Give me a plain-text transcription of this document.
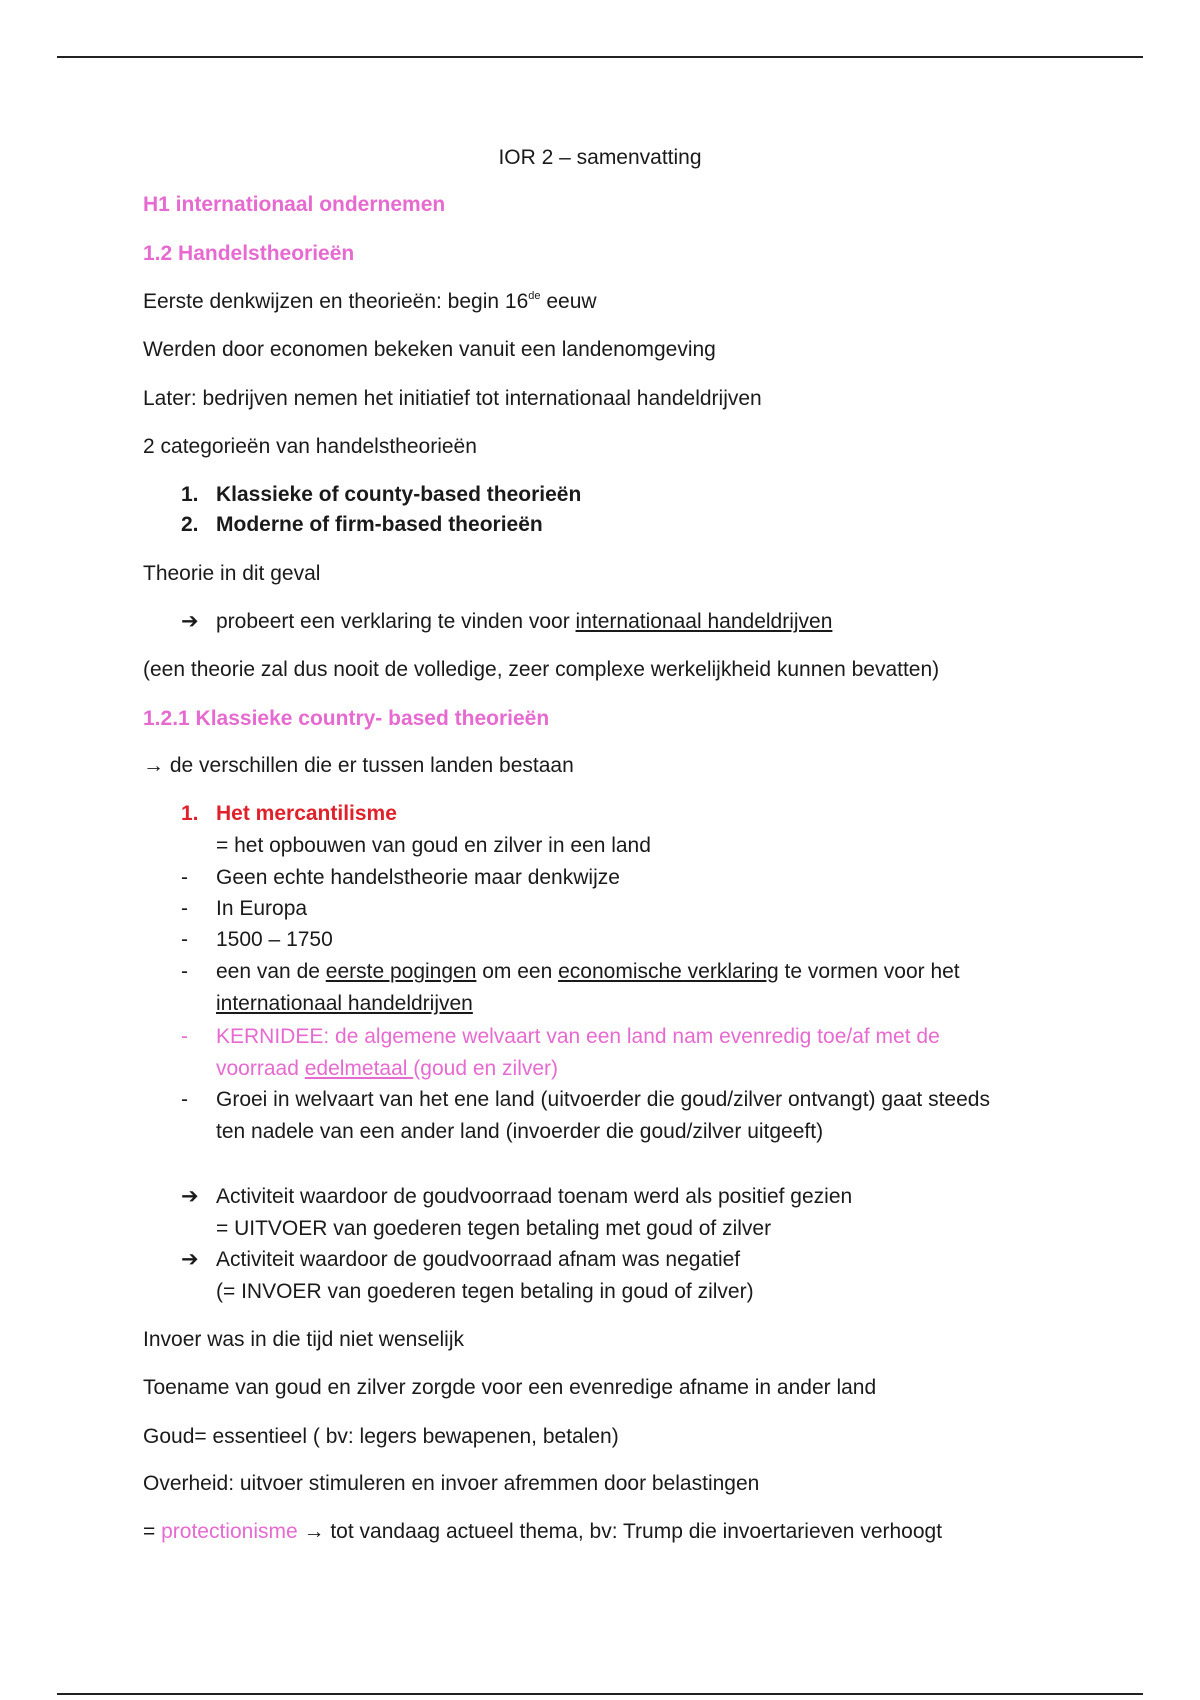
IOR 2 – samenvatting
H1 internationaal ondernemen
1.2 Handelstheorieën
Eerste denkwijzen en theorieën: begin 16de eeuw
Werden door economen bekeken vanuit een landenomgeving
Later: bedrijven nemen het initiatief tot internationaal handeldrijven
2 categorieën van handelstheorieën
1. Klassieke of county-based theorieën
2. Moderne of firm-based theorieën
Theorie in dit geval
➔ probeert een verklaring te vinden voor internationaal handeldrijven
(een theorie zal dus nooit de volledige, zeer complexe werkelijkheid kunnen bevatten)
1.2.1 Klassieke country- based theorieën
→ de verschillen die er tussen landen bestaan
1. Het mercantilisme
= het opbouwen van goud en zilver in een land
-	Geen echte handelstheorie maar denkwijze
-	In Europa
-	1500 – 1750
-	een van de eerste pogingen om een economische verklaring te vormen voor het
internationaal handeldrijven
-	KERNIDEE: de algemene welvaart van een land nam evenredig toe/af met de
voorraad edelmetaal (goud en zilver)
-	Groei in welvaart van het ene land (uitvoerder die goud/zilver ontvangt) gaat steeds
ten nadele van een ander land (invoerder die goud/zilver uitgeeft)
➔ Activiteit waardoor de goudvoorraad toenam werd als positief gezien
= UITVOER van goederen tegen betaling met goud of zilver
➔ Activiteit waardoor de goudvoorraad afnam was negatief
(= INVOER van goederen tegen betaling in goud of zilver)
Invoer was in die tijd niet wenselijk
Toename van goud en zilver zorgde voor een evenredige afname in ander land
Goud= essentieel ( bv: legers bewapenen, betalen)
Overheid: uitvoer stimuleren en invoer afremmen door belastingen
= protectionisme → tot vandaag actueel thema, bv: Trump die invoertarieven verhoogt
